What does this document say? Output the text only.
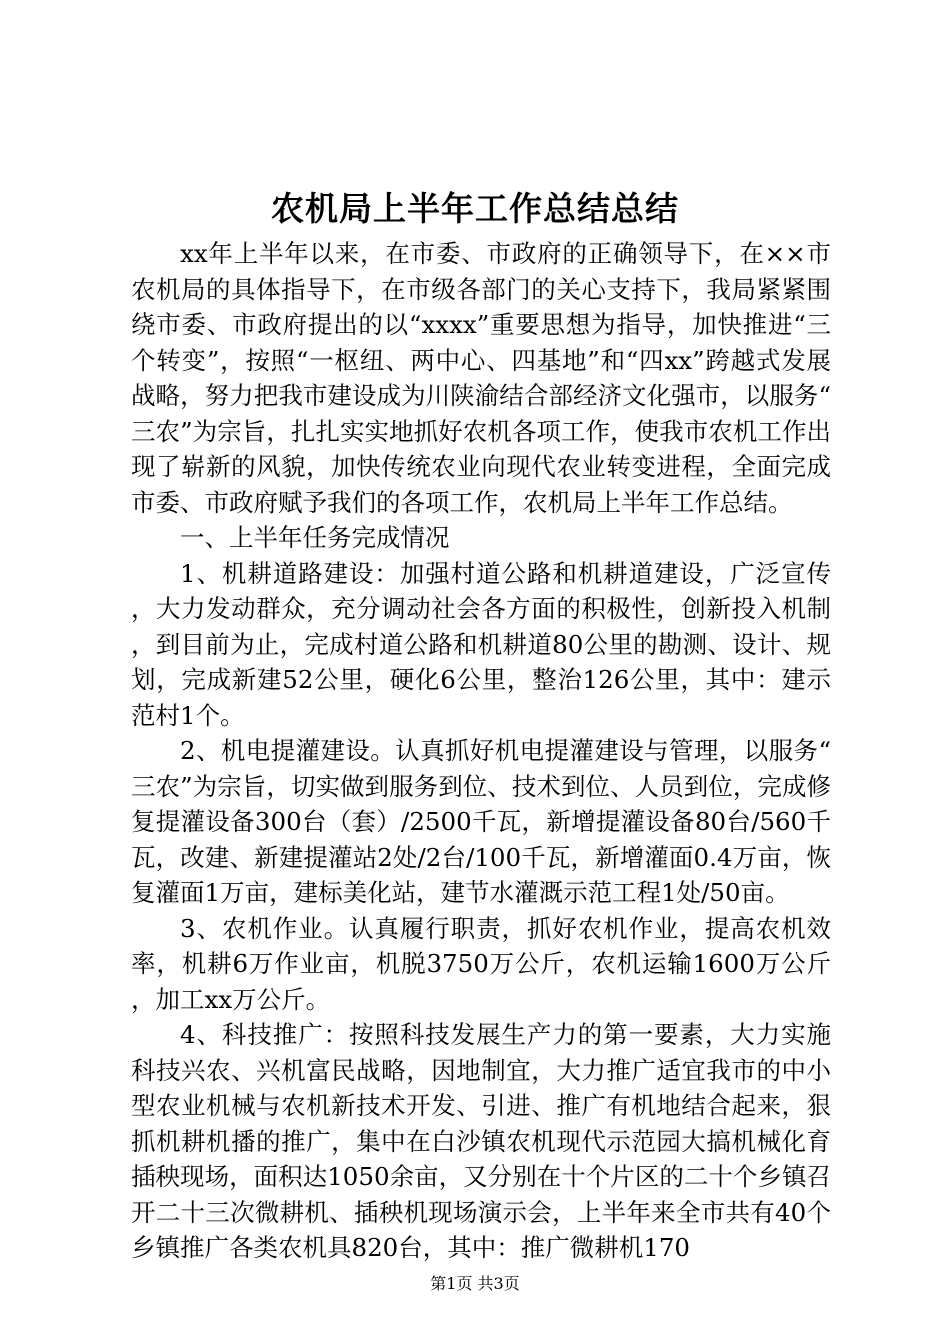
农机局上半年工作总结总结

xx年上半年以来，在市委、市政府的正确领导下，在××市农机局的具体指导下，在市级各部门的关心支持下，我局紧紧围绕市委、市政府提出的以“xxxx”重要思想为指导，加快推进“三个转变”，按照“一枢纽、两中心、四基地”和“四xx”跨越式发展战略，努力把我市建设成为川陕渝结合部经济文化强市，以服务“三农”为宗旨，扎扎实实地抓好农机各项工作，使我市农机工作出现了崭新的风貌，加快传统农业向现代农业转变进程，全面完成市委、市政府赋予我们的各项工作，农机局上半年工作总结。

一、上半年任务完成情况

1、机耕道路建设：加强村道公路和机耕道建设，广泛宣传，大力发动群众，充分调动社会各方面的积极性，创新投入机制，到目前为止，完成村道公路和机耕道80公里的勘测、设计、规划，完成新建52公里，硬化6公里，整治126公里，其中：建示范村1个。

2、机电提灌建设。认真抓好机电提灌建设与管理，以服务“三农”为宗旨，切实做到服务到位、技术到位、人员到位，完成修复提灌设备300台（套）/2500千瓦，新增提灌设备80台/560千瓦，改建、新建提灌站2处/2台/100千瓦，新增灌面0.4万亩，恢复灌面1万亩，建标美化站，建节水灌溉示范工程1处/50亩。

3、农机作业。认真履行职责，抓好农机作业，提高农机效率，机耕6万作业亩，机脱3750万公斤，农机运输1600万公斤，加工xx万公斤。

4、科技推广：按照科技发展生产力的第一要素，大力实施科技兴农、兴机富民战略，因地制宜，大力推广适宜我市的中小型农业机械与农机新技术开发、引进、推广有机地结合起来，狠抓机耕机播的推广，集中在白沙镇农机现代示范园大搞机械化育插秧现场，面积达1050余亩，又分别在十个片区的二十个乡镇召开二十三次微耕机、插秧机现场演示会，上半年来全市共有40个乡镇推广各类农机具820台，其中：推广微耕机170

第1页 共3页
